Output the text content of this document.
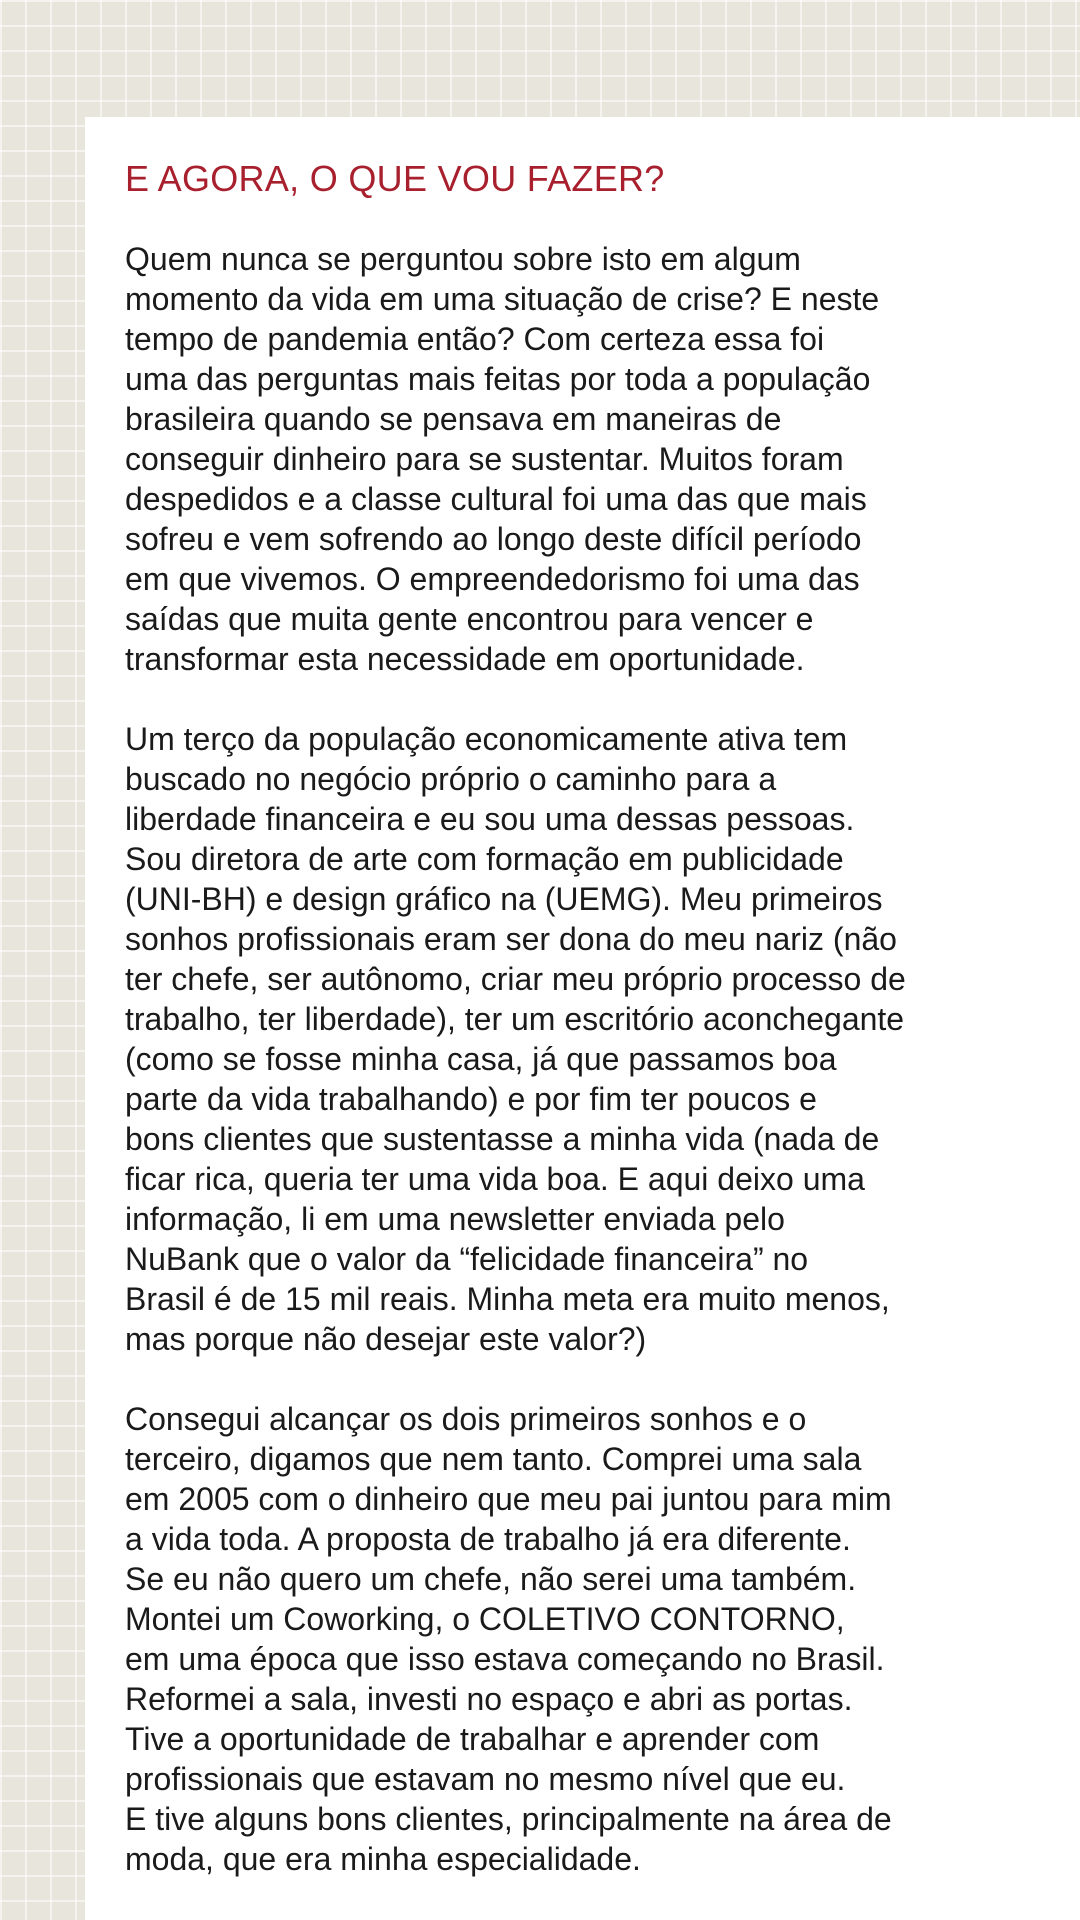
E AGORA, O QUE VOU FAZER?

Quem nunca se perguntou sobre isto em algum
momento da vida em uma situação de crise? E neste
tempo de pandemia então? Com certeza essa foi
uma das perguntas mais feitas por toda a população
brasileira quando se pensava em maneiras de
conseguir dinheiro para se sustentar. Muitos foram
despedidos e a classe cultural foi uma das que mais
sofreu e vem sofrendo ao longo deste difícil período
em que vivemos. O empreendedorismo foi uma das
saídas que muita gente encontrou para vencer e
transformar esta necessidade em oportunidade.

Um terço da população economicamente ativa tem
buscado no negócio próprio o caminho para a
liberdade financeira e eu sou uma dessas pessoas.
Sou diretora de arte com formação em publicidade
(UNI-BH) e design gráfico na (UEMG). Meu primeiros
sonhos profissionais eram ser dona do meu nariz (não
ter chefe, ser autônomo, criar meu próprio processo de
trabalho, ter liberdade), ter um escritório aconchegante
(como se fosse minha casa, já que passamos boa
parte da vida trabalhando) e por fim ter poucos e
bons clientes que sustentasse a minha vida (nada de
ficar rica, queria ter uma vida boa. E aqui deixo uma
informação, li em uma newsletter enviada pelo
NuBank que o valor da “felicidade financeira” no
Brasil é de 15 mil reais. Minha meta era muito menos,
mas porque não desejar este valor?)

Consegui alcançar os dois primeiros sonhos e o
terceiro, digamos que nem tanto. Comprei uma sala
em 2005 com o dinheiro que meu pai juntou para mim
a vida toda. A proposta de trabalho já era diferente.
Se eu não quero um chefe, não serei uma também.
Montei um Coworking, o COLETIVO CONTORNO,
em uma época que isso estava começando no Brasil.
Reformei a sala, investi no espaço e abri as portas.
Tive a oportunidade de trabalhar e aprender com
profissionais que estavam no mesmo nível que eu.
E tive alguns bons clientes, principalmente na área de
moda, que era minha especialidade.
